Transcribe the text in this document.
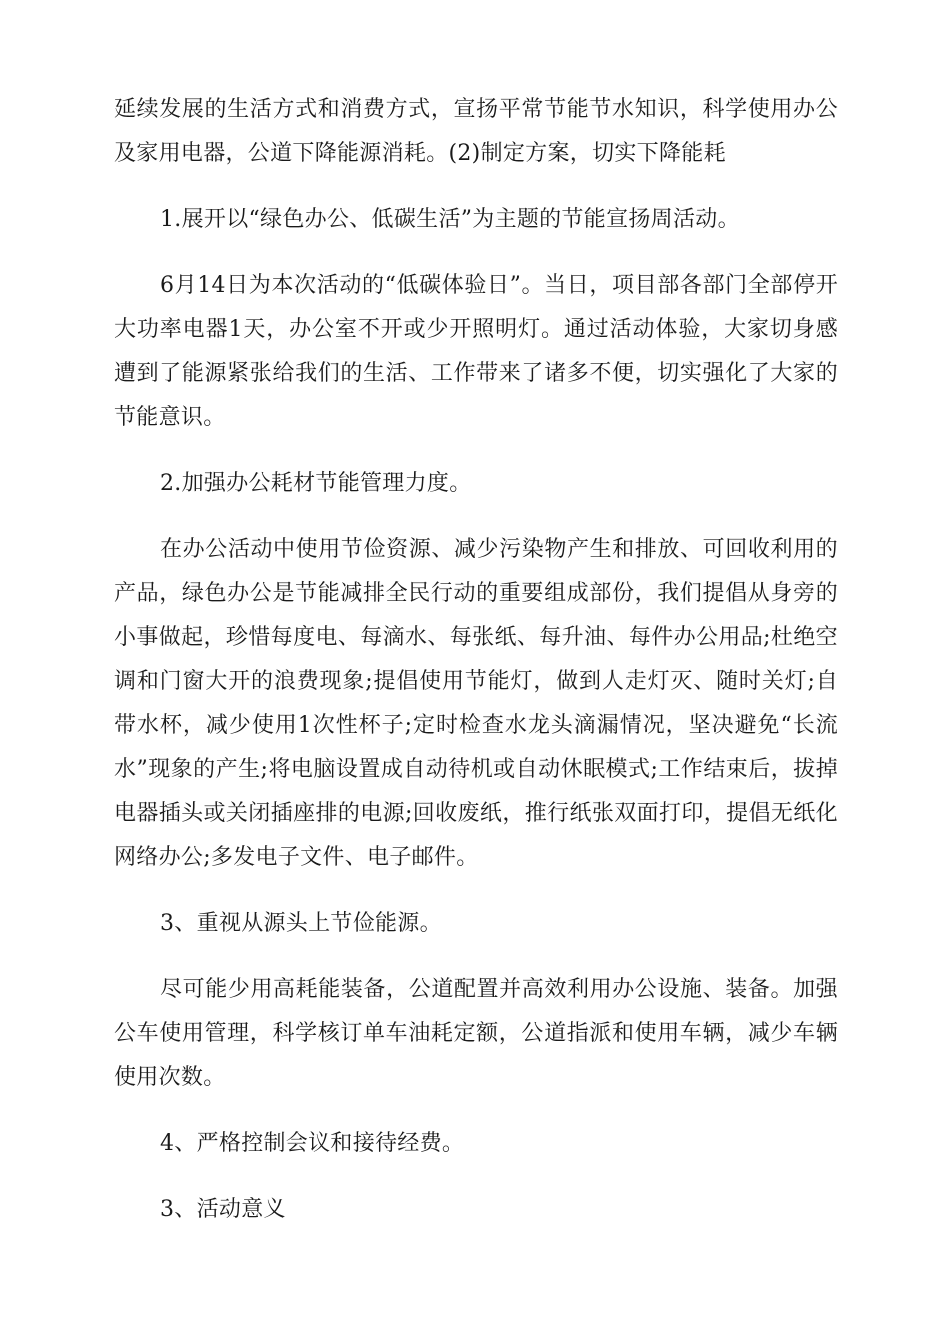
延续发展的生活方式和消费方式，宣扬平常节能节水知识，科学使用办公及家用电器，公道下降能源消耗。(2)制定方案，切实下降能耗

1.展开以“绿色办公、低碳生活”为主题的节能宣扬周活动。

6月14日为本次活动的“低碳体验日”。当日，项目部各部门全部停开大功率电器1天，办公室不开或少开照明灯。通过活动体验，大家切身感遭到了能源紧张给我们的生活、工作带来了诸多不便，切实强化了大家的节能意识。

2.加强办公耗材节能管理力度。

在办公活动中使用节俭资源、减少污染物产生和排放、可回收利用的产品，绿色办公是节能减排全民行动的重要组成部份，我们提倡从身旁的小事做起，珍惜每度电、每滴水、每张纸、每升油、每件办公用品;杜绝空调和门窗大开的浪费现象;提倡使用节能灯，做到人走灯灭、随时关灯;自带水杯，减少使用1次性杯子;定时检查水龙头滴漏情况，坚决避免“长流水”现象的产生;将电脑设置成自动待机或自动休眠模式;工作结束后，拔掉电器插头或关闭插座排的电源;回收废纸，推行纸张双面打印，提倡无纸化网络办公;多发电子文件、电子邮件。

3、重视从源头上节俭能源。

尽可能少用高耗能装备，公道配置并高效利用办公设施、装备。加强公车使用管理，科学核订单车油耗定额，公道指派和使用车辆，减少车辆使用次数。

4、严格控制会议和接待经费。

3、活动意义
